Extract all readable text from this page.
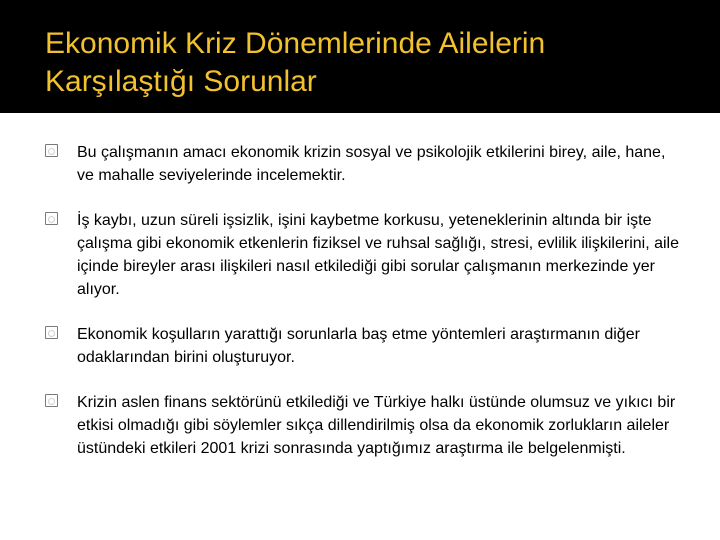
Ekonomik Kriz Dönemlerinde Ailelerin Karşılaştığı Sorunlar
Bu çalışmanın amacı ekonomik krizin sosyal ve psikolojik etkilerini birey, aile, hane, ve mahalle seviyelerinde incelemektir.
İş kaybı, uzun süreli işsizlik, işini kaybetme korkusu, yeteneklerinin altında bir işte çalışma gibi ekonomik etkenlerin fiziksel ve ruhsal sağlığı, stresi, evlilik ilişkilerini, aile içinde bireyler arası ilişkileri nasıl etkilediği gibi sorular çalışmanın merkezinde yer alıyor.
Ekonomik koşulların yarattığı sorunlarla baş etme yöntemleri araştırmanın diğer odaklarından birini oluşturuyor.
Krizin aslen finans sektörünü etkilediği ve Türkiye halkı üstünde olumsuz ve yıkıcı bir etkisi olmadığı gibi söylemler sıkça dillendirilmiş olsa da ekonomik zorlukların aileler üstündeki etkileri 2001 krizi sonrasında yaptığımız araştırma ile belgelenmişti.
